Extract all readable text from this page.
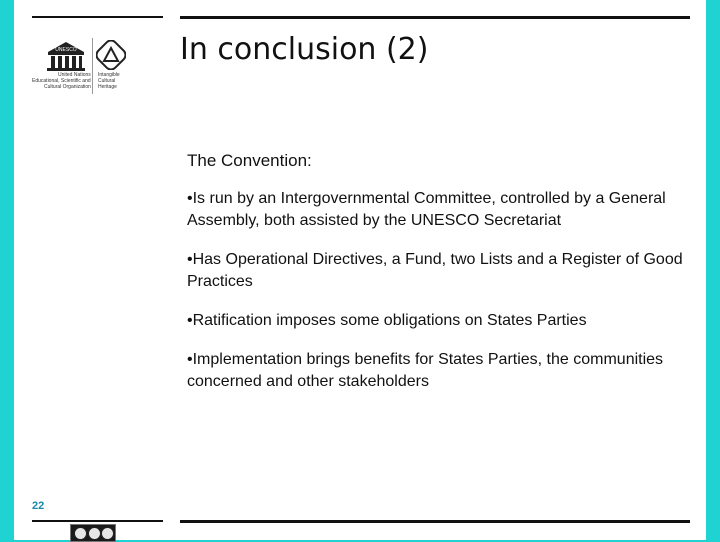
UNESCO
United Nations
Educational, Scientific and
Cultural Organization
Intangible
Cultural
Heritage
In conclusion (2)
The Convention:
•Is run by an Intergovernmental Committee, controlled by a General Assembly, both assisted by the UNESCO Secretariat
•Has Operational Directives, a Fund, two Lists and a Register of Good Practices
•Ratification imposes some obligations on States Parties
•Implementation brings benefits for States Parties, the communities concerned and other stakeholders
22
